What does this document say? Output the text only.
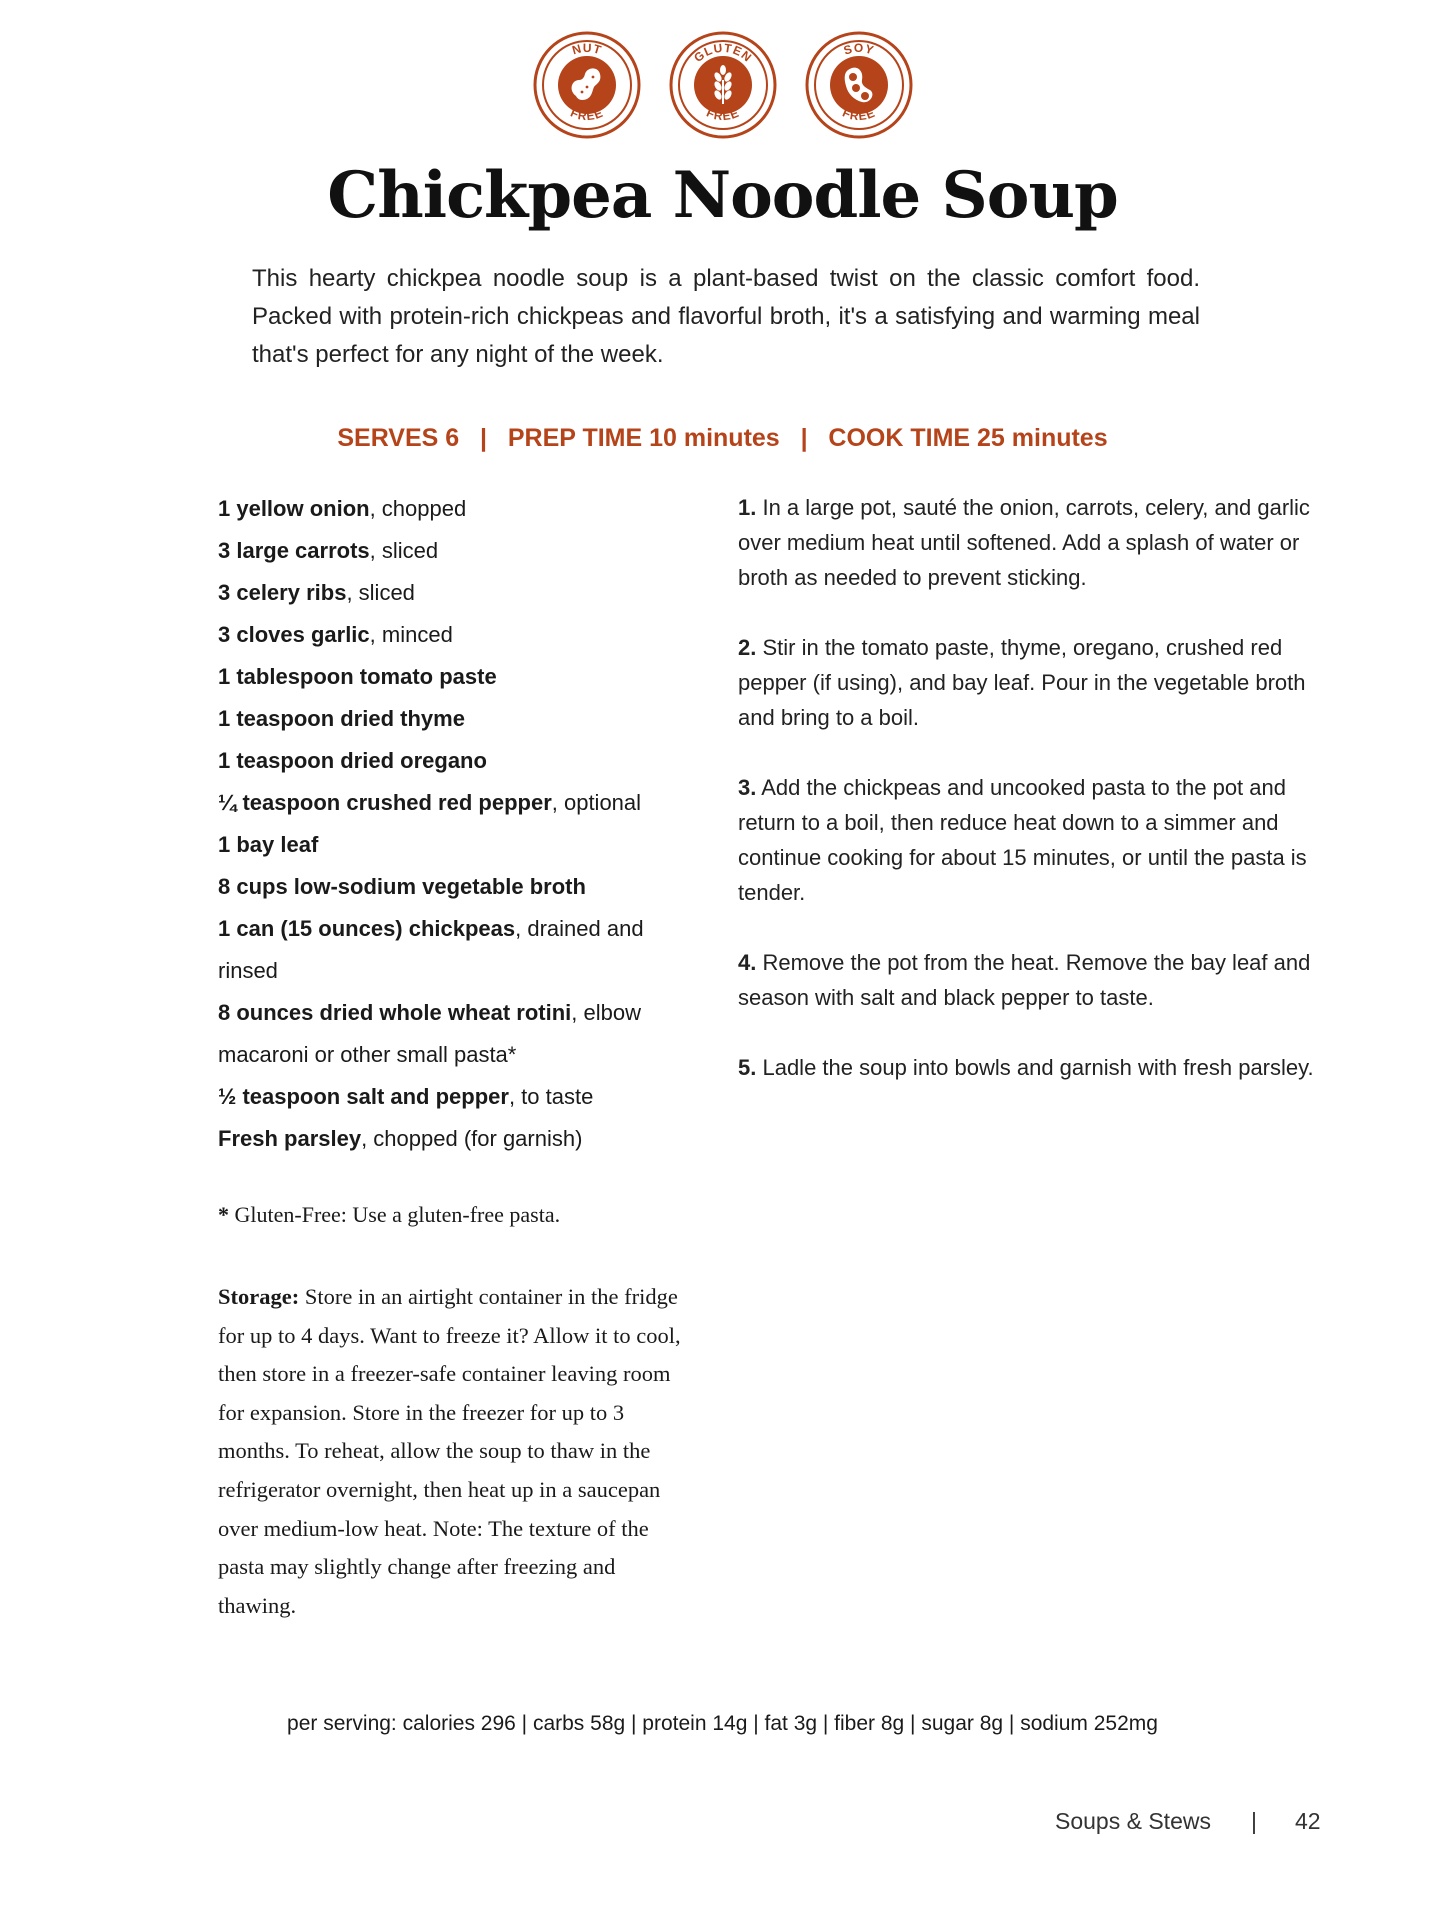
NUT
FREE
GLUTEN
FREE
SOY
FREE
Chickpea Noodle Soup

This hearty chickpea noodle soup is a plant-based twist on the classic comfort food. Packed with protein-rich chickpeas and flavorful broth, it's a satisfying and warming meal that's perfect for any night of the week.

SERVES 6 | PREP TIME 10 minutes | COOK TIME 25 minutes
1 yellow onion, chopped
3 large carrots, sliced
3 celery ribs, sliced
3 cloves garlic, minced
1 tablespoon tomato paste
1 teaspoon dried thyme
1 teaspoon dried oregano
¼ teaspoon crushed red pepper, optional
1 bay leaf
8 cups low-sodium vegetable broth
1 can (15 ounces) chickpeas, drained and rinsed
8 ounces dried whole wheat rotini, elbow macaroni or other small pasta*
½ teaspoon salt and pepper, to taste
Fresh parsley, chopped (for garnish)

* Gluten-Free: Use a gluten-free pasta.

Storage: Store in an airtight container in the fridge for up to 4 days. Want to freeze it? Allow it to cool, then store in a freezer-safe container leaving room for expansion. Store in the freezer for up to 3 months. To reheat, allow the soup to thaw in the refrigerator overnight, then heat up in a saucepan over medium-low heat. Note: The texture of the pasta may slightly change after freezing and thawing.

1. In a large pot, sauté the onion, carrots, celery, and garlic over medium heat until softened. Add a splash of water or broth as needed to prevent sticking.

2. Stir in the tomato paste, thyme, oregano, crushed red pepper (if using), and bay leaf. Pour in the vegetable broth and bring to a boil.

3. Add the chickpeas and uncooked pasta to the pot and return to a boil, then reduce heat down to a simmer and continue cooking for about 15 minutes, or until the pasta is tender.

4. Remove the pot from the heat. Remove the bay leaf and season with salt and black pepper to taste.

5. Ladle the soup into bowls and garnish with fresh parsley.

per serving: calories 296 | carbs 58g | protein 14g | fat 3g | fiber 8g | sugar 8g | sodium 252mg
Soups & Stews | 42
